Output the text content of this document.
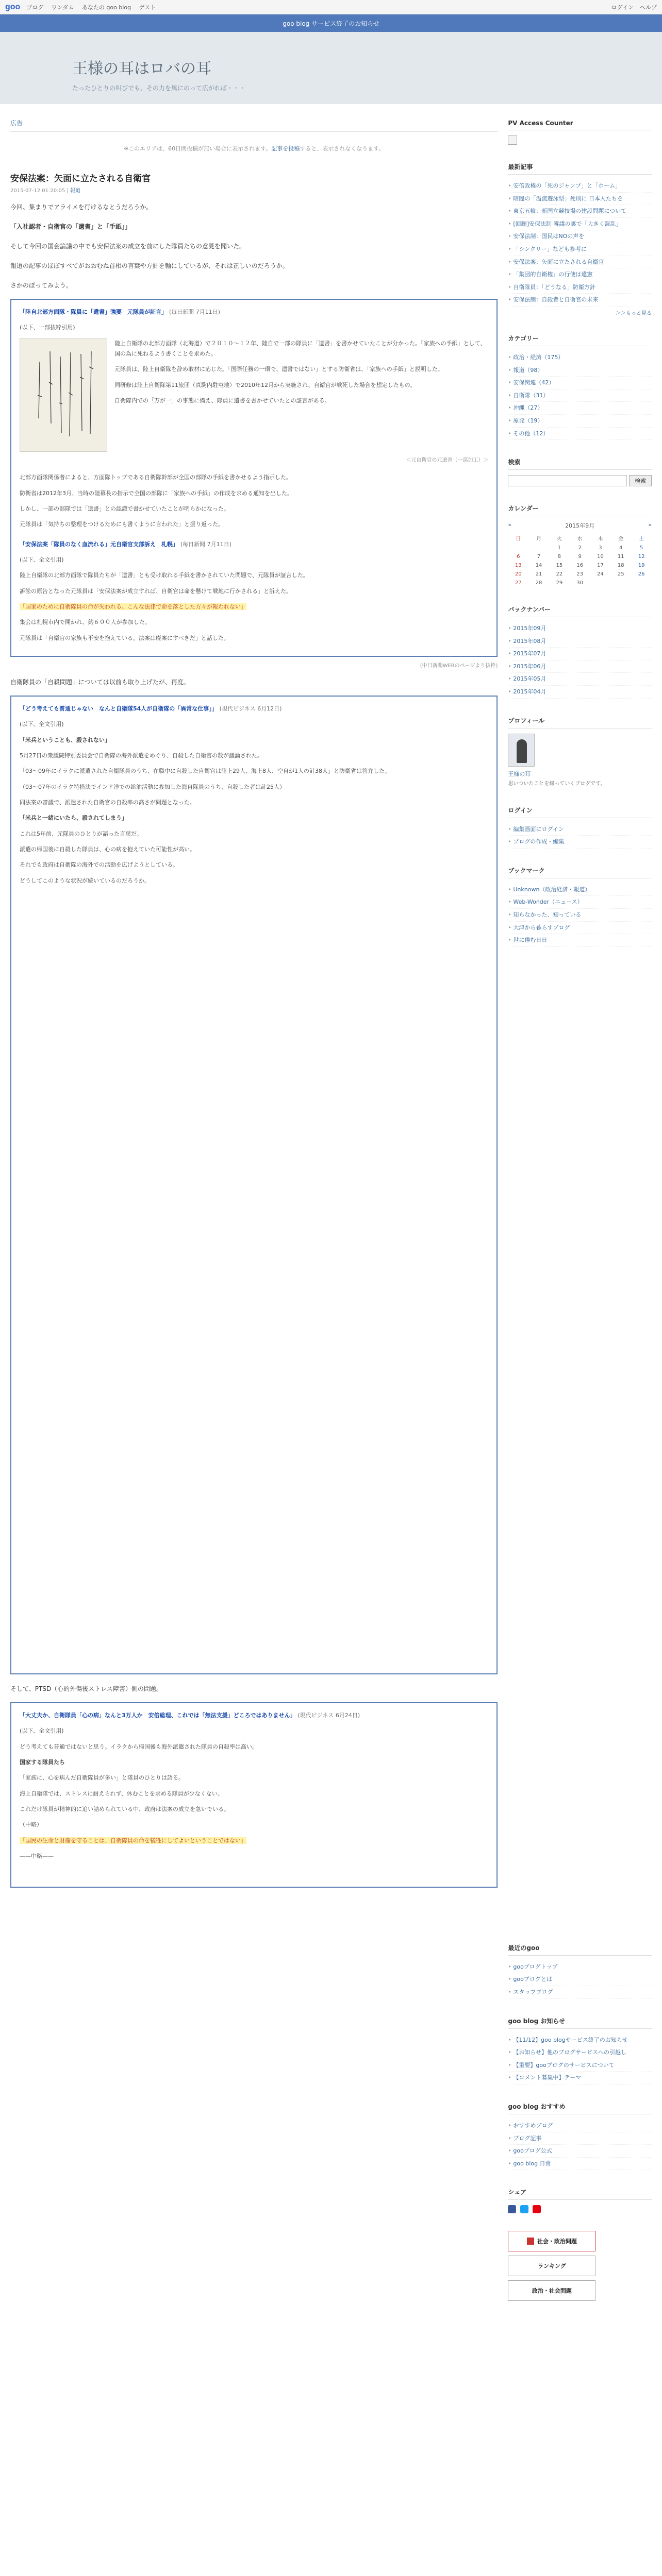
goo ブログ ワンダム あなたの goo blog ゲスト	ログイン ヘルプ
goo blog サービス終了のお知らせ
王様の耳はロバの耳
たったひとりの叫びでも、その力を風にのって広がれば・・・
広告
※このエリアは、60日間投稿が無い場合に表示されます。記事を投稿すると、表示されなくなります。
安保法案：矢面に立たされる自衛官
2015-07-12 01:20:05 | 報道

今回、集まりでアライメを行けるなとうだろうか。

「入社認者・自衛官の「遺書」と「手紙」」

そして今回の国会論議の中でも安保法案の成立を前にした隊員たちの意見を聞いた。

報道の記事のほぼすべてがおおむね首相の言葉や方針を軸にしているが、それは正しいのだろうか。

さかのぼってみよう。

「陸自北部方面隊・隊員に「遺書」強要　元隊員が証言」 (毎日新聞 7月11日)

(以下、一部抜粋引用)

陸上自衛隊の北部方面隊（北海道）で２０１０～１２年、陸自で一部の隊員に「遺書」を書かせていたことが分かった。「家族への手紙」として、国の為に死ねるよう書くことを求めた。

元隊員は、陸上自衛隊を辞め取材に応じた。「国際任務の一環で、遺書ではない」とする防衛省は、「家族への手紙」と説明した。

同研修は陸上自衛隊第11旅団（真駒内駐屯地）で2010年12月から実施され、自衛官が戦死した場合を想定したもの。

自衛隊内での「万が一」の事態に備え、隊員に遺書を書かせていたとの証言がある。

＜元自衛官の元遺書（一部加工）＞

北部方面隊関係者によると、方面隊トップである自衛隊幹部が全国の部隊の手紙を書かせるよう指示した。

防衛省は2012年3月、当時の陸幕長の指示で全国の部隊に「家族への手紙」の作成を求める通知を出した。

しかし、一部の部隊では「遺書」との認識で書かせていたことが明らかになった。

元隊員は「気持ちの整理をつけるためにも書くように言われた」と振り返った。

「安保法案「隊員のなく血流れる」元自衛官支部訴え　札幌」 (毎日新聞 7月11日)

(以下、全文引用)

陸上自衛隊の北部方面隊で隊員たちが「遺書」とも受け取れる手紙を書かされていた問題で、元隊員が証言した。

訴訟の原告となった元隊員は「安保法案が成立すれば、自衛官は命を懸けて戦地に行かされる」と訴えた。

「国家のために自衛隊員の命が失われる。こんな法律で命を落とした方々が報われない」

集会は札幌市内で開かれ、約６００人が参加した。

元隊員は「自衛官の家族も不安を抱えている。法案は廃案にすべきだ」と話した。

(中日新聞WEBのページより抜粋)

自衛隊員の「自殺問題」については以前も取り上げたが、再度。

「どう考えても普通じゃない　なんと自衛隊54人が自衛隊の「異常な仕事」」 (現代ビジネス 6月12日)

(以下、全文引用)

「米兵ということも、殺されない」

5月27日の衆議院特別委員会で自衛隊の海外派遣をめぐり、自殺した自衛官の数が議論された。

「03～09年にイラクに派遣された自衛隊員のうち、在職中に自殺した自衛官は陸上29人、海上8人、空自が1人の計38人」と防衛省は答弁した。

（03～07年のイラク特措法でインド洋での給油活動に参加した海自隊員のうち、自殺した者は計25人）

同法案の審議で、派遣された自衛官の自殺率の高さが問題となった。

「米兵と一緒にいたら、殺されてしまう」

これは5年前、元隊員のひとりが語った言葉だ。

派遣の帰国後に自殺した隊員は、心の病を抱えていた可能性が高い。

それでも政府は自衛隊の海外での活動を広げようとしている。

どうしてこのような状況が続いているのだろうか。

そして、PTSD（心的外傷後ストレス障害）側の問題。

「大丈夫か、自衛隊員「心の病」なんと3万人か　安倍総理、これでは「無法支援」どころではありません」 (現代ビジネス 6月24日)

(以下、全文引用)

どう考えても普通ではないと思う。イラクから帰国後も海外派遣された隊員の自殺率は高い。

国家する隊員たち

「家族に、心を病んだ自衛隊員が多い」と隊員のひとりは語る。

海上自衛隊では、ストレスに耐えられず、休むことを求める隊員が少なくない。

これだけ隊員が精神的に追い詰められている中、政府は法案の成立を急いでいる。

（中略）

「国民の生命と財産を守ることは、自衛隊員の命を犠牲にしてよいということではない」

——中略——

PV Access Counter
最新記事
• 安倍政権の「死のジャンプ」と「ホーム」
• 暗闇の「溢流遊泳型」死刑に 日本人たちを
• 東京五輪：新国立競技場の建設問題について
• [回顧]安保法制 審議の裏で「大きく混乱」
• 安保法制：国民はNOの声を
• 「シンクリー」なども参考に
• 安保法案：矢面に立たされる自衛官
• 「集団的自衛権」の行使は違憲
• 自衛隊員：「どうなる」防衛方針
• 安保法制：自殺者と自衛官の未来
＞＞もっと見る
カテゴリー
• 政治・経済（175）
• 報道（98）
• 安保関連（42）
• 自衛隊（31）
• 沖縄（27）
• 原発（19）
• その他（12）
検索
検索
カレンダー
«	2015年9月	»
日	月	火	水	木	金	土
		1	2	3	4	5
6	7	8	9	10	11	12
13	14	15	16	17	18	19
20	21	22	23	24	25	26
27	28	29	30			
バックナンバー
• 2015年09月
• 2015年08月
• 2015年07月
• 2015年06月
• 2015年05月
• 2015年04月
プロフィール
王様の耳
思いついたことを綴っていくブログです。
ログイン
• 編集画面にログイン
• ブログの作成・編集
ブックマーク
• Unknown（政治経済・報道）
• Web-Wonder（ニュース）
• 知らなかった、知っている
• 大津から暮らすブログ
• 世に倦む日日
最近のgoo
• gooブログトップ
• gooブログとは
• スタッフブログ
goo blog お知らせ
• 【11/12】goo blogサービス終了のお知らせ
• 【お知らせ】他のブログサービスへの引越し
• 【重要】gooブログのサービスについて
• 【コメント募集中】テーマ
goo blog おすすめ
• おすすめブログ
• ブログ記事
• gooブログ公式
• goo blog 日常
シェア
社会・政治問題
ランキング
政治・社会問題
